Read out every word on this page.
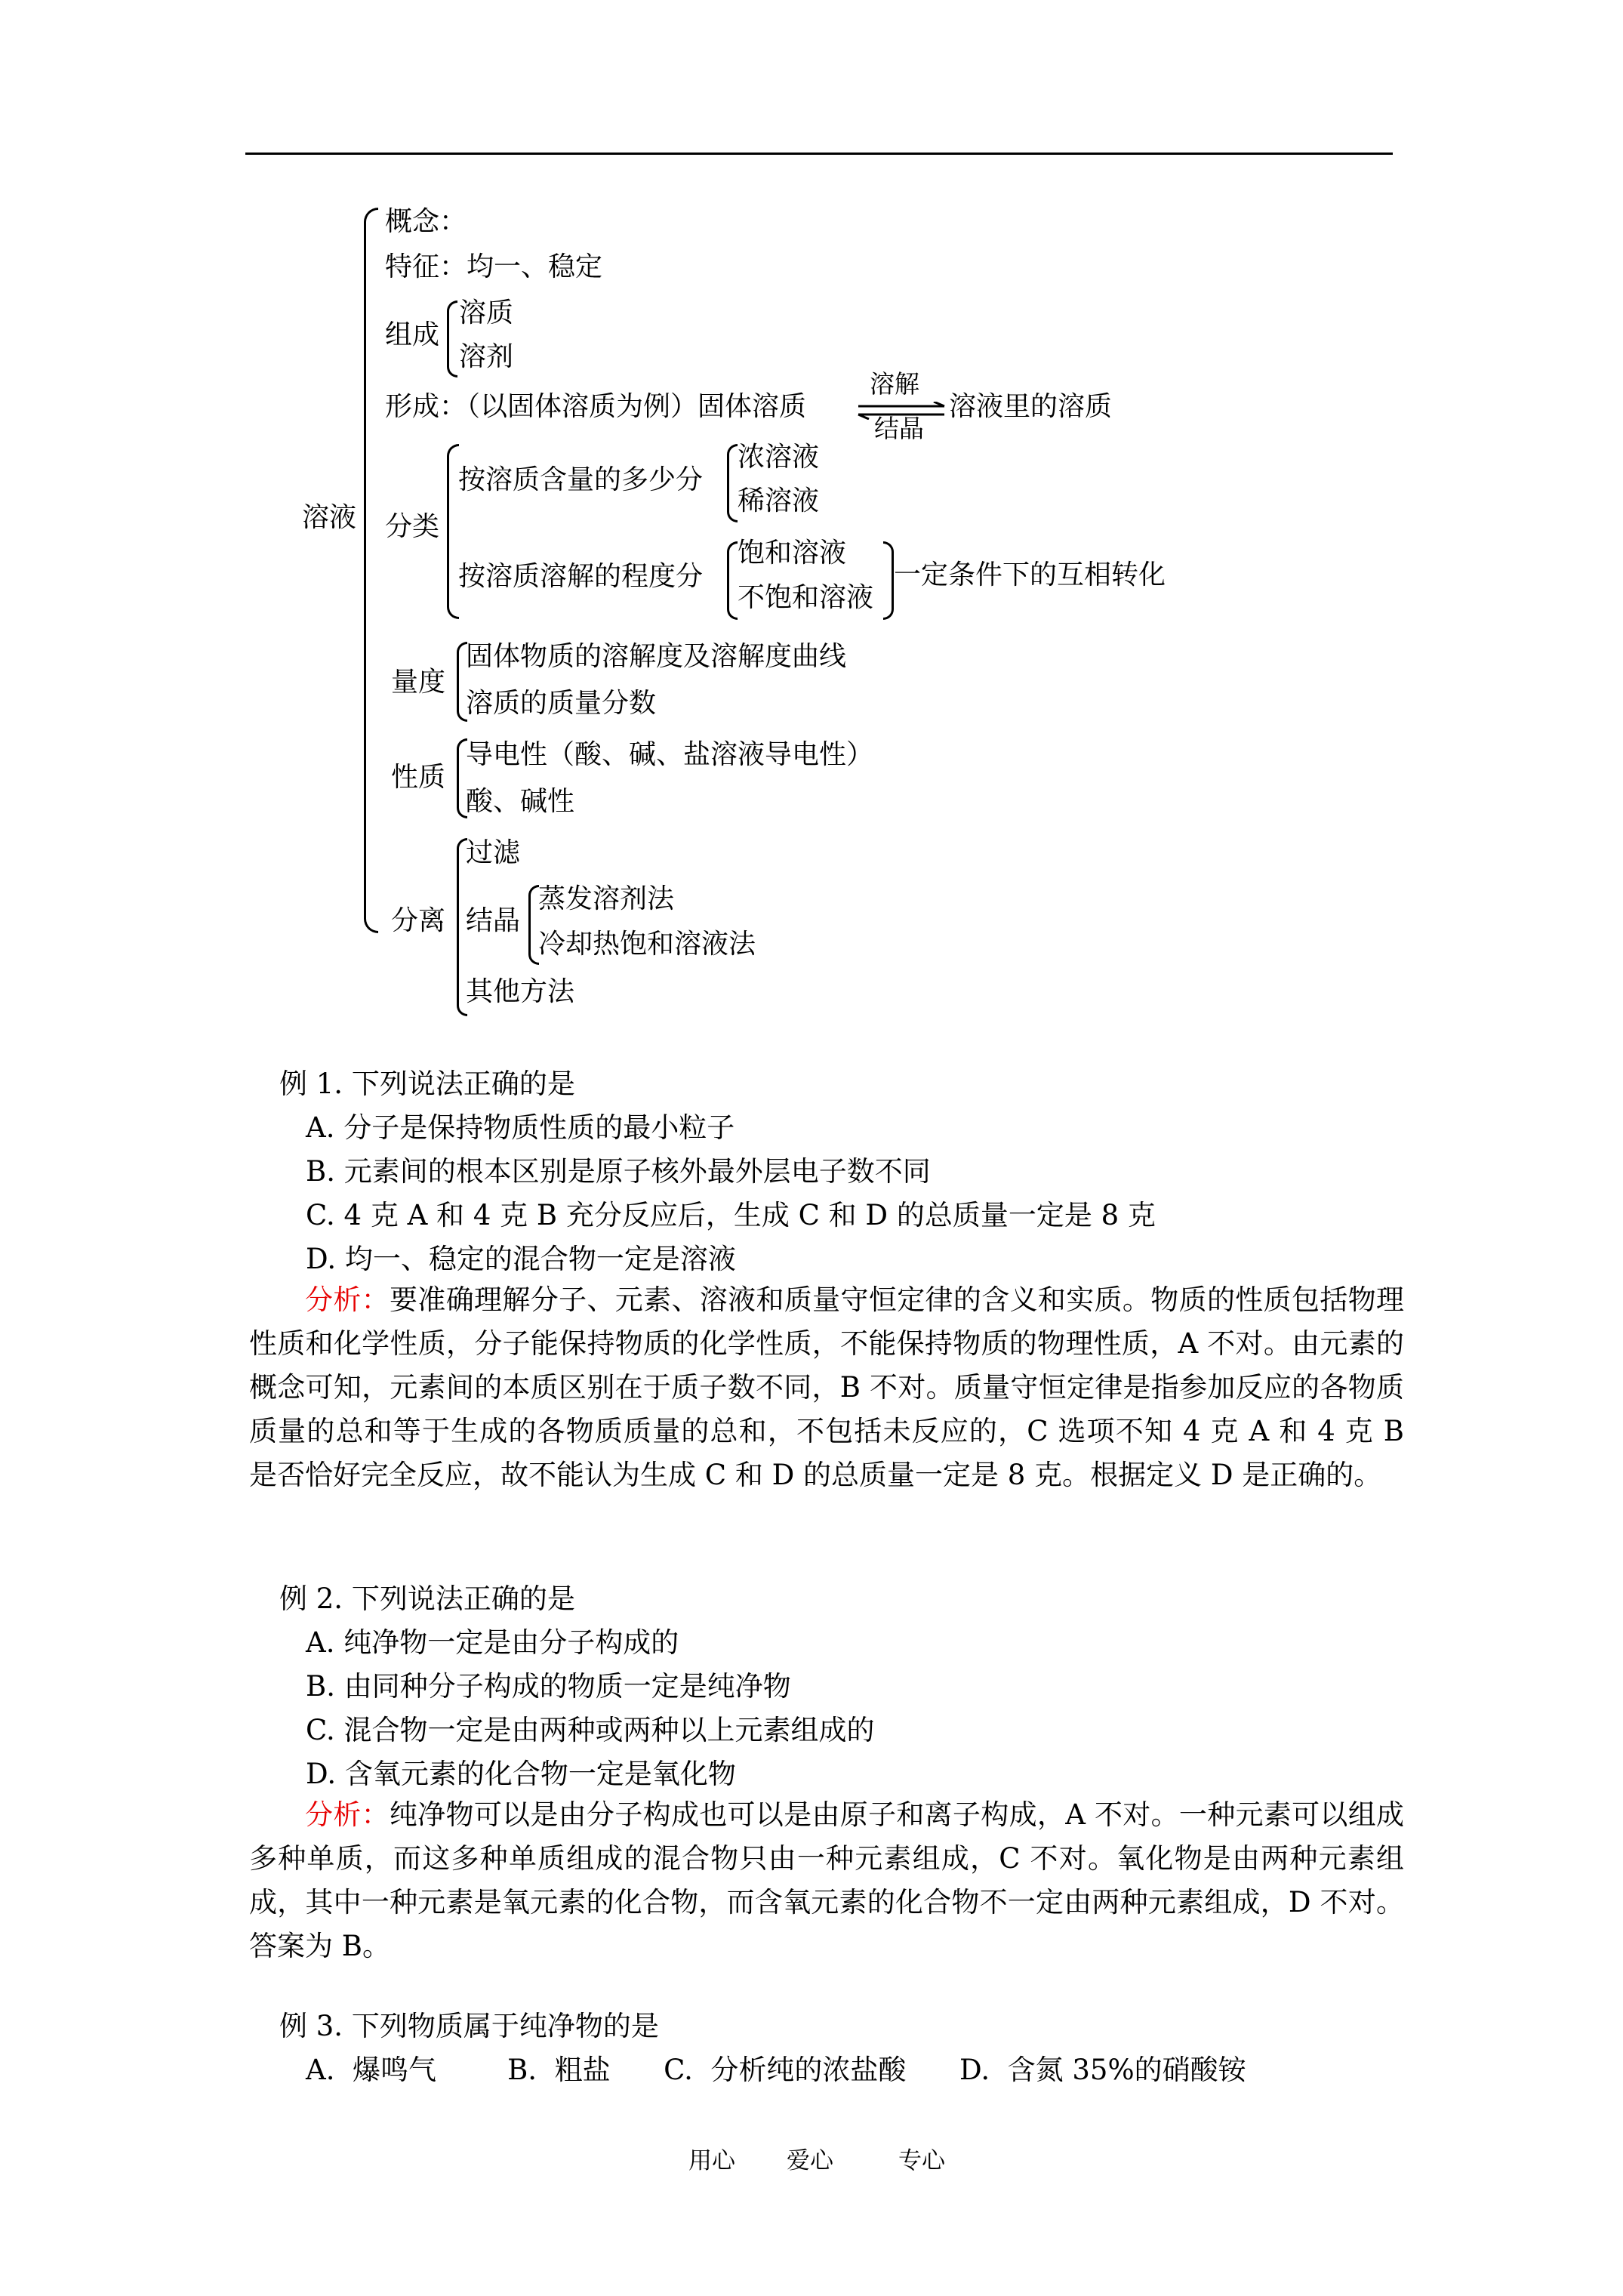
溶液
概念：
特征：均一、稳定
组成
溶质
溶剂
形成：（以固体溶质为例）固体溶质
溶解
结晶
溶液里的溶质
分类
按溶质含量的多少分
浓溶液
稀溶液
按溶质溶解的程度分
饱和溶液
不饱和溶液
一定条件下的互相转化
量度
固体物质的溶解度及溶解度曲线
溶质的质量分数
性质
导电性（酸、碱、盐溶液导电性）
酸、碱性
分离
过滤
结晶
蒸发溶剂法
冷却热饱和溶液法
其他方法
例 1. 下列说法正确的是
A. 分子是保持物质性质的最小粒子
B. 元素间的根本区别是原子核外最外层电子数不同
C. 4 克 A 和 4 克 B 充分反应后，生成 C 和 D 的总质量一定是 8 克
D. 均一、稳定的混合物一定是溶液
分析：要准确理解分子、元素、溶液和质量守恒定律的含义和实质。物质的性质包括物理性质和化学性质，分子能保持物质的化学性质，不能保持物质的物理性质，A 不对。由元素的概念可知，元素间的本质区别在于质子数不同，B 不对。质量守恒定律是指参加反应的各物质质量的总和等于生成的各物质质量的总和，不包括未反应的，C 选项不知 4 克 A 和 4 克 B 是否恰好完全反应，故不能认为生成 C 和 D 的总质量一定是 8 克。根据定义 D 是正确的。
例 2. 下列说法正确的是
A. 纯净物一定是由分子构成的
B. 由同种分子构成的物质一定是纯净物
C. 混合物一定是由两种或两种以上元素组成的
D. 含氧元素的化合物一定是氧化物
分析：纯净物可以是由分子构成也可以是由原子和离子构成，A 不对。一种元素可以组成多种单质，而这多种单质组成的混合物只由一种元素组成，C 不对。氧化物是由两种元素组成，其中一种元素是氧元素的化合物，而含氧元素的化合物不一定由两种元素组成，D 不对。答案为 B。
例 3. 下列物质属于纯净物的是
A.  爆鸣气        B.  粗盐      C.  分析纯的浓盐酸      D.  含氮 35%的硝酸铵
用心 爱心	专心
